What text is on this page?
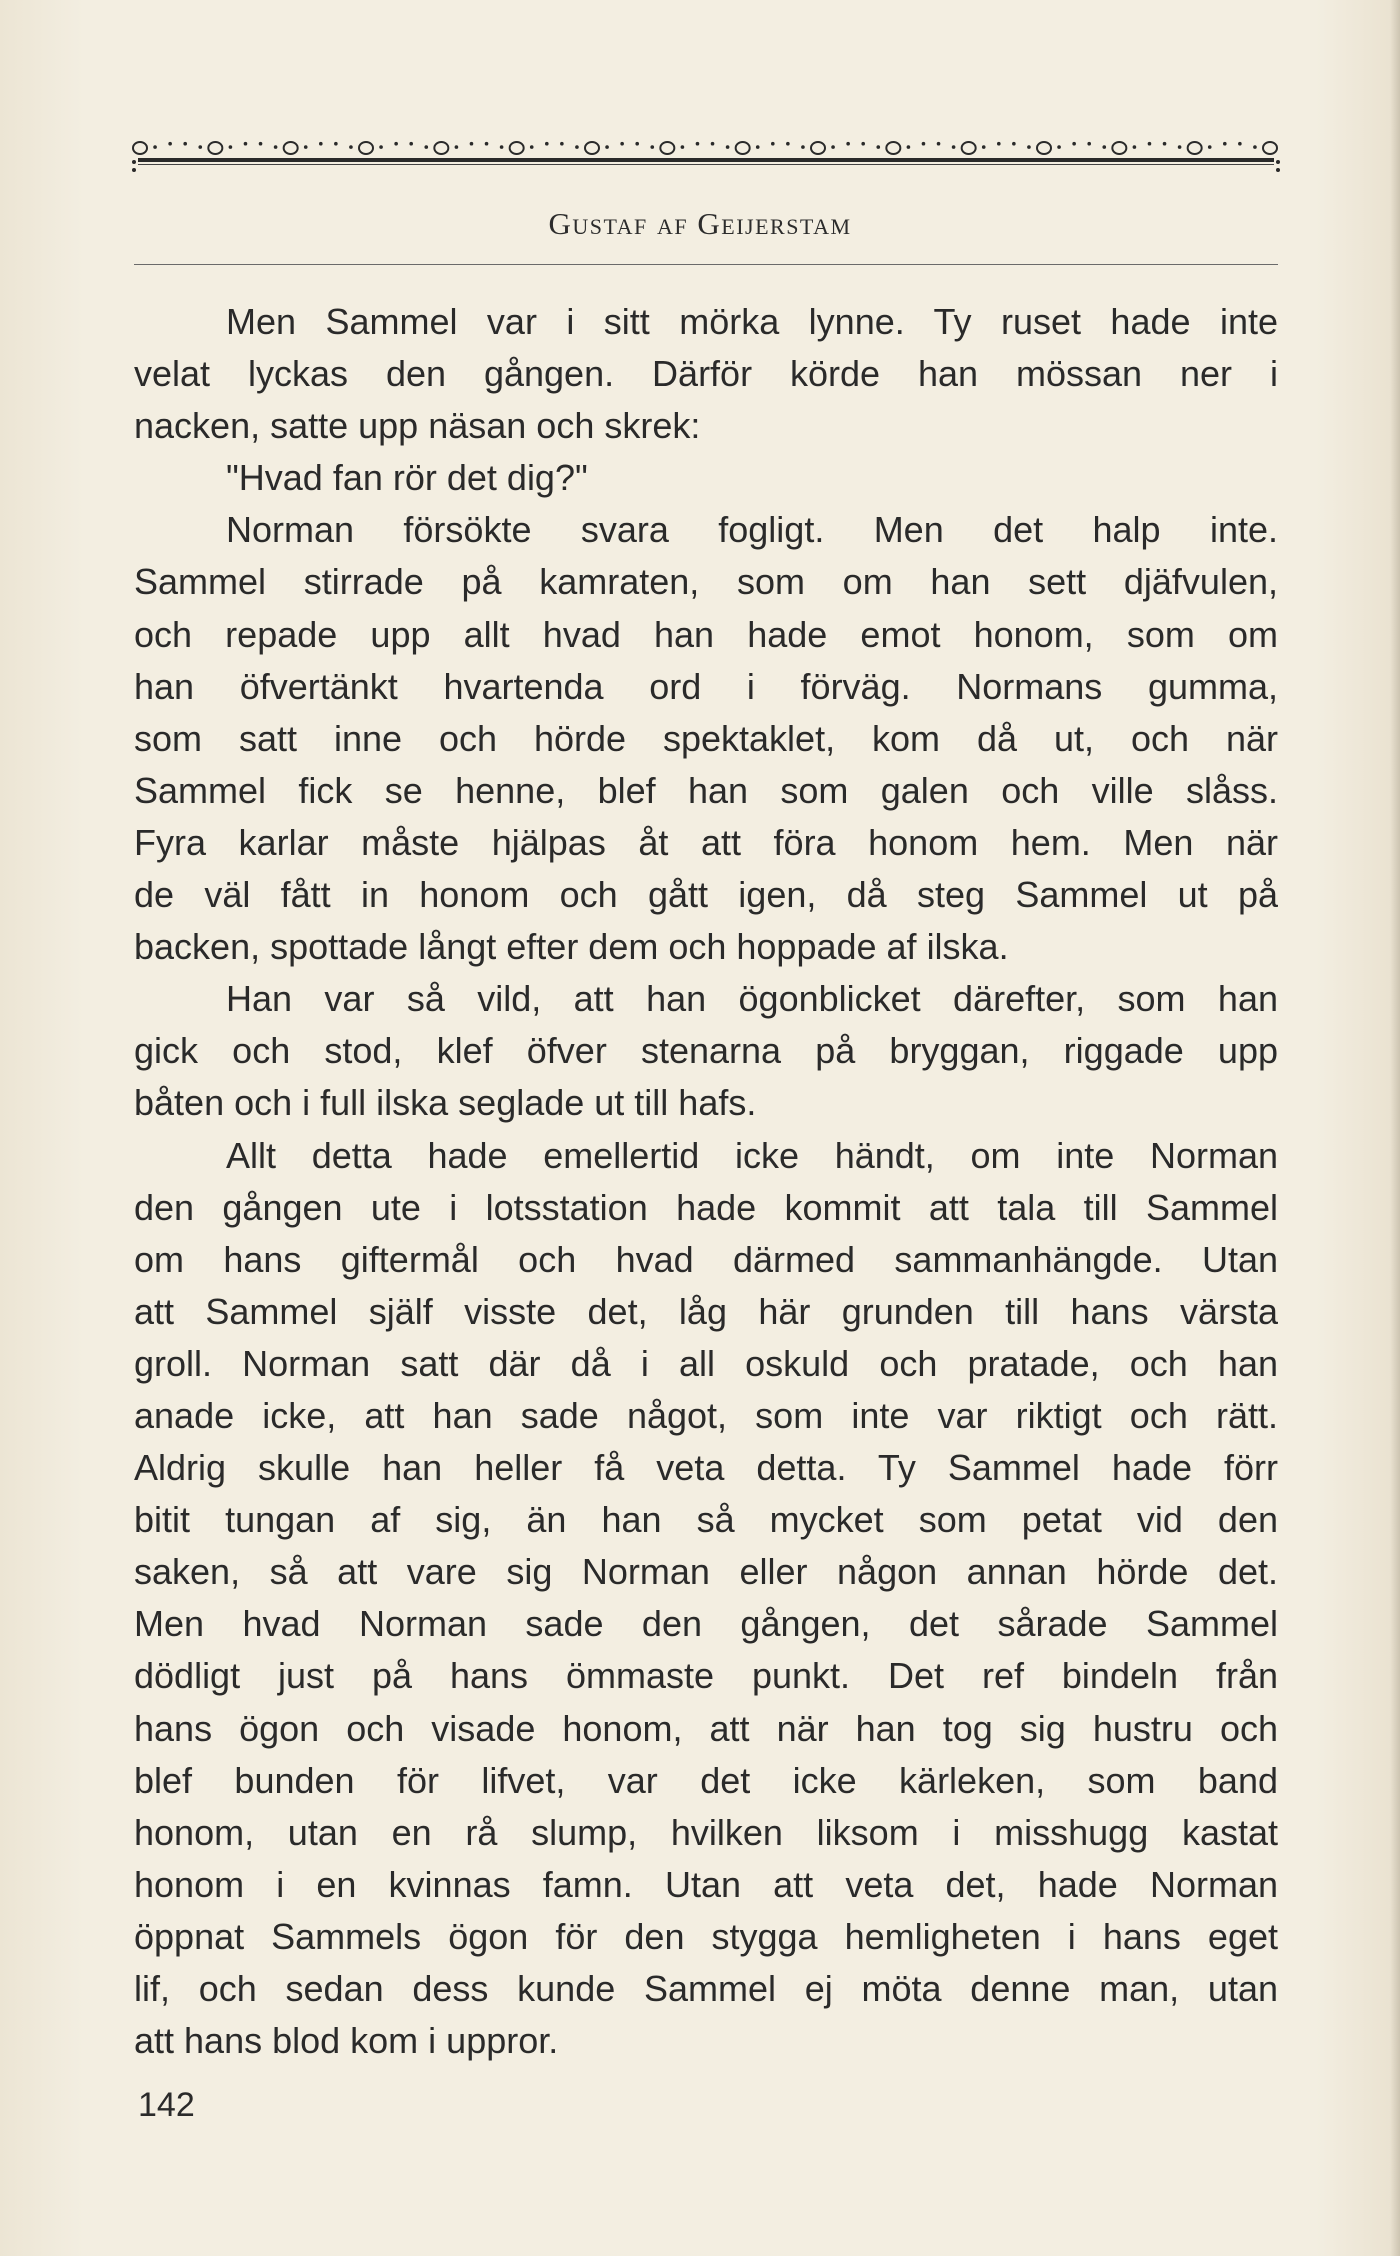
Gustaf af Geijerstam
Men Sammel var i sitt mörka lynne. Ty ruset hade inte
velat lyckas den gången. Därför körde han mössan ner i
nacken, satte upp näsan och skrek:
"Hvad fan rör det dig?"
Norman försökte svara fogligt. Men det halp inte.
Sammel stirrade på kamraten, som om han sett djäfvulen,
och repade upp allt hvad han hade emot honom, som om
han öfvertänkt hvartenda ord i förväg. Normans gumma,
som satt inne och hörde spektaklet, kom då ut, och när
Sammel fick se henne, blef han som galen och ville slåss.
Fyra karlar måste hjälpas åt att föra honom hem. Men när
de väl fått in honom och gått igen, då steg Sammel ut på
backen, spottade långt efter dem och hoppade af ilska.
Han var så vild, att han ögonblicket därefter, som han
gick och stod, klef öfver stenarna på bryggan, riggade upp
båten och i full ilska seglade ut till hafs.
Allt detta hade emellertid icke händt, om inte Norman
den gången ute i lotsstation hade kommit att tala till Sammel
om hans giftermål och hvad därmed sammanhängde. Utan
att Sammel själf visste det, låg här grunden till hans värsta
groll. Norman satt där då i all oskuld och pratade, och han
anade icke, att han sade något, som inte var riktigt och rätt.
Aldrig skulle han heller få veta detta. Ty Sammel hade förr
bitit tungan af sig, än han så mycket som petat vid den
saken, så att vare sig Norman eller någon annan hörde det.
Men hvad Norman sade den gången, det sårade Sammel
dödligt just på hans ömmaste punkt. Det ref bindeln från
hans ögon och visade honom, att när han tog sig hustru och
blef bunden för lifvet, var det icke kärleken, som band
honom, utan en rå slump, hvilken liksom i misshugg kastat
honom i en kvinnas famn. Utan att veta det, hade Norman
öppnat Sammels ögon för den stygga hemligheten i hans eget
lif, och sedan dess kunde Sammel ej möta denne man, utan
att hans blod kom i uppror.
142
